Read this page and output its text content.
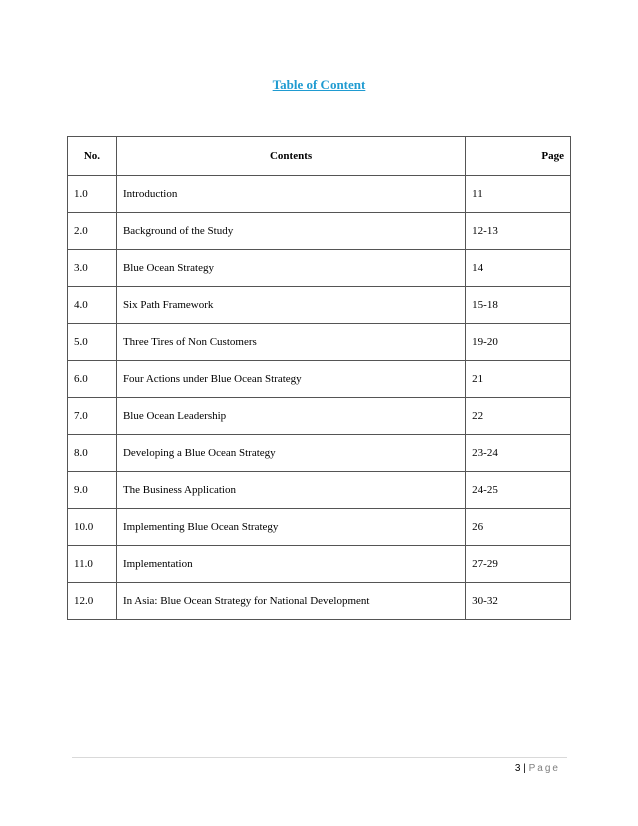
Table of Content
No.	Contents	Page
1.0	Introduction	11
2.0	Background of the Study	12-13
3.0	Blue Ocean Strategy	14
4.0	Six Path Framework	15-18
5.0	Three Tires of Non Customers	19-20
6.0	Four Actions under Blue Ocean Strategy	21
7.0	Blue Ocean Leadership	22
8.0	Developing a Blue Ocean Strategy	23-24
9.0	The Business Application	24-25
10.0	Implementing Blue Ocean Strategy	26
11.0	Implementation	27-29
12.0	In Asia: Blue Ocean Strategy for National Development	30-32
3 | Page
